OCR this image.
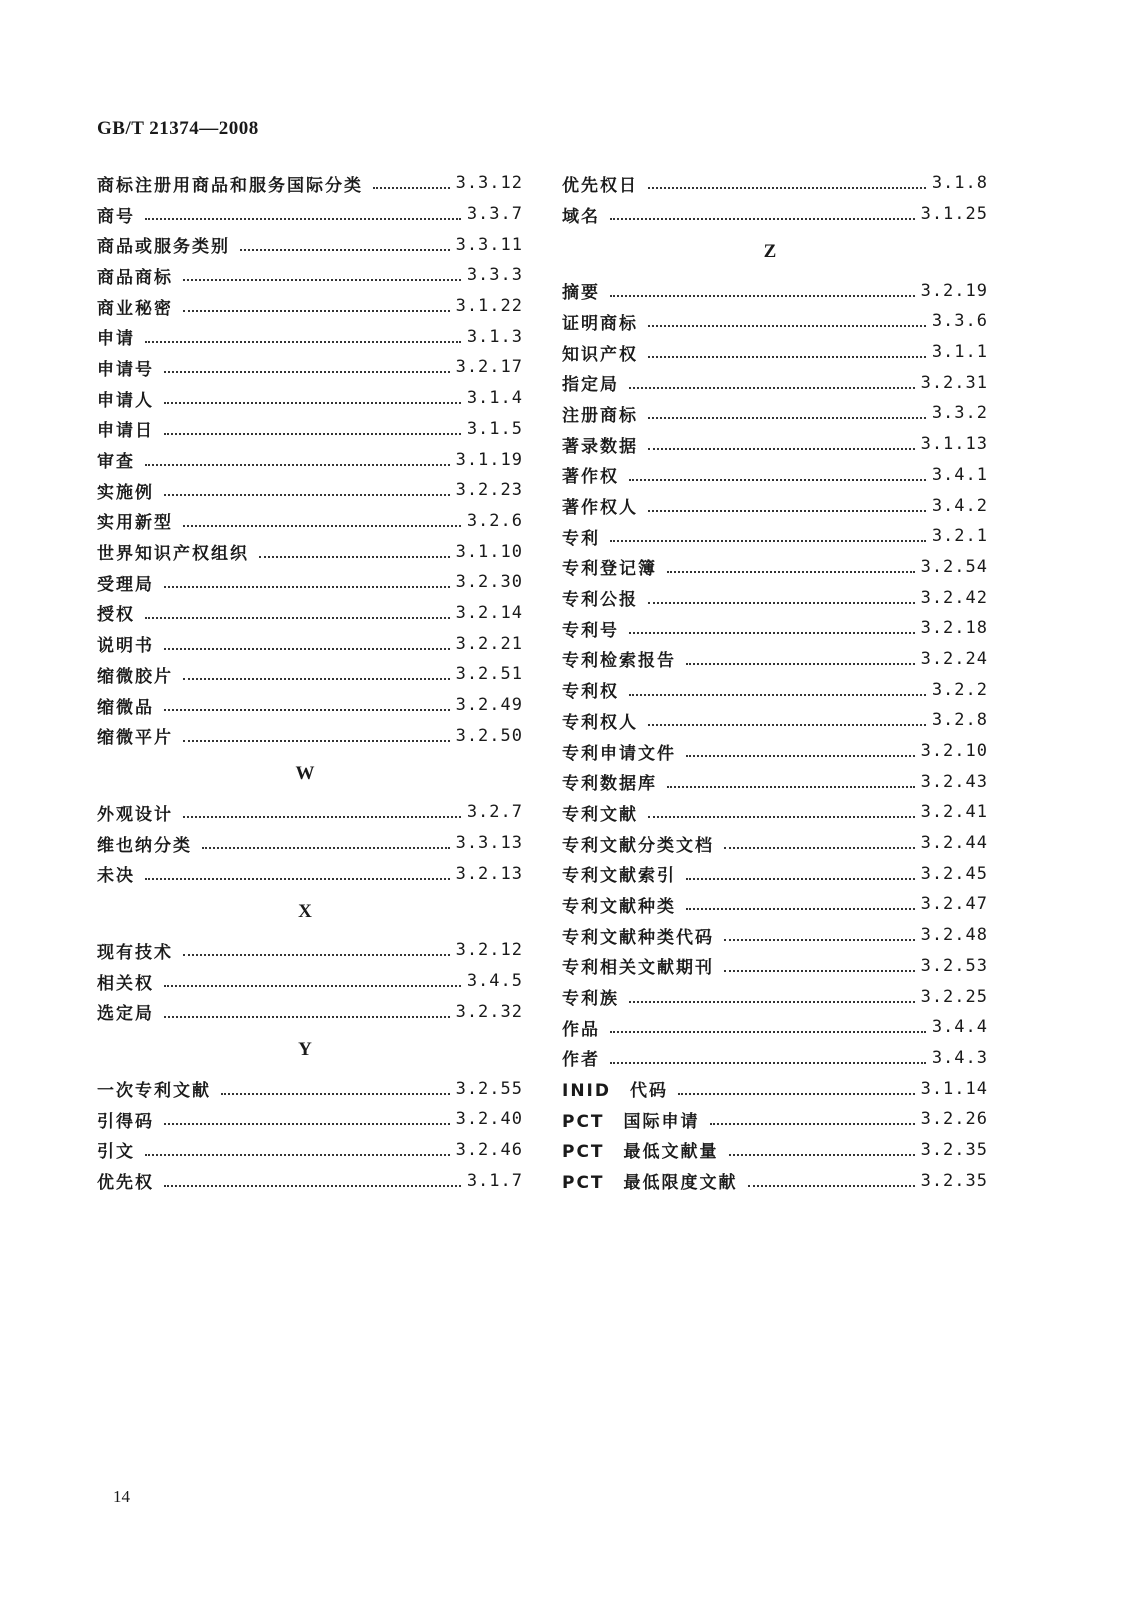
GB/T 21374—2008
商标注册用商品和服务国际分类	3.3.12
商号	3.3.7
商品或服务类别	3.3.11
商品商标	3.3.3
商业秘密	3.1.22
申请	3.1.3
申请号	3.2.17
申请人	3.1.4
申请日	3.1.5
审查	3.1.19
实施例	3.2.23
实用新型	3.2.6
世界知识产权组织	3.1.10
受理局	3.2.30
授权	3.2.14
说明书	3.2.21
缩微胶片	3.2.51
缩微品	3.2.49
缩微平片	3.2.50
W
外观设计	3.2.7
维也纳分类	3.3.13
未决	3.2.13
X
现有技术	3.2.12
相关权	3.4.5
选定局	3.2.32
Y
一次专利文献	3.2.55
引得码	3.2.40
引文	3.2.46
优先权	3.1.7
优先权日	3.1.8
域名	3.1.25
Z
摘要	3.2.19
证明商标	3.3.6
知识产权	3.1.1
指定局	3.2.31
注册商标	3.3.2
著录数据	3.1.13
著作权	3.4.1
著作权人	3.4.2
专利	3.2.1
专利登记簿	3.2.54
专利公报	3.2.42
专利号	3.2.18
专利检索报告	3.2.24
专利权	3.2.2
专利权人	3.2.8
专利申请文件	3.2.10
专利数据库	3.2.43
专利文献	3.2.41
专利文献分类文档	3.2.44
专利文献索引	3.2.45
专利文献种类	3.2.47
专利文献种类代码	3.2.48
专利相关文献期刊	3.2.53
专利族	3.2.25
作品	3.4.4
作者	3.4.3
INID　代码	3.1.14
PCT　国际申请	3.2.26
PCT　最低文献量	3.2.35
PCT　最低限度文献	3.2.35
14
